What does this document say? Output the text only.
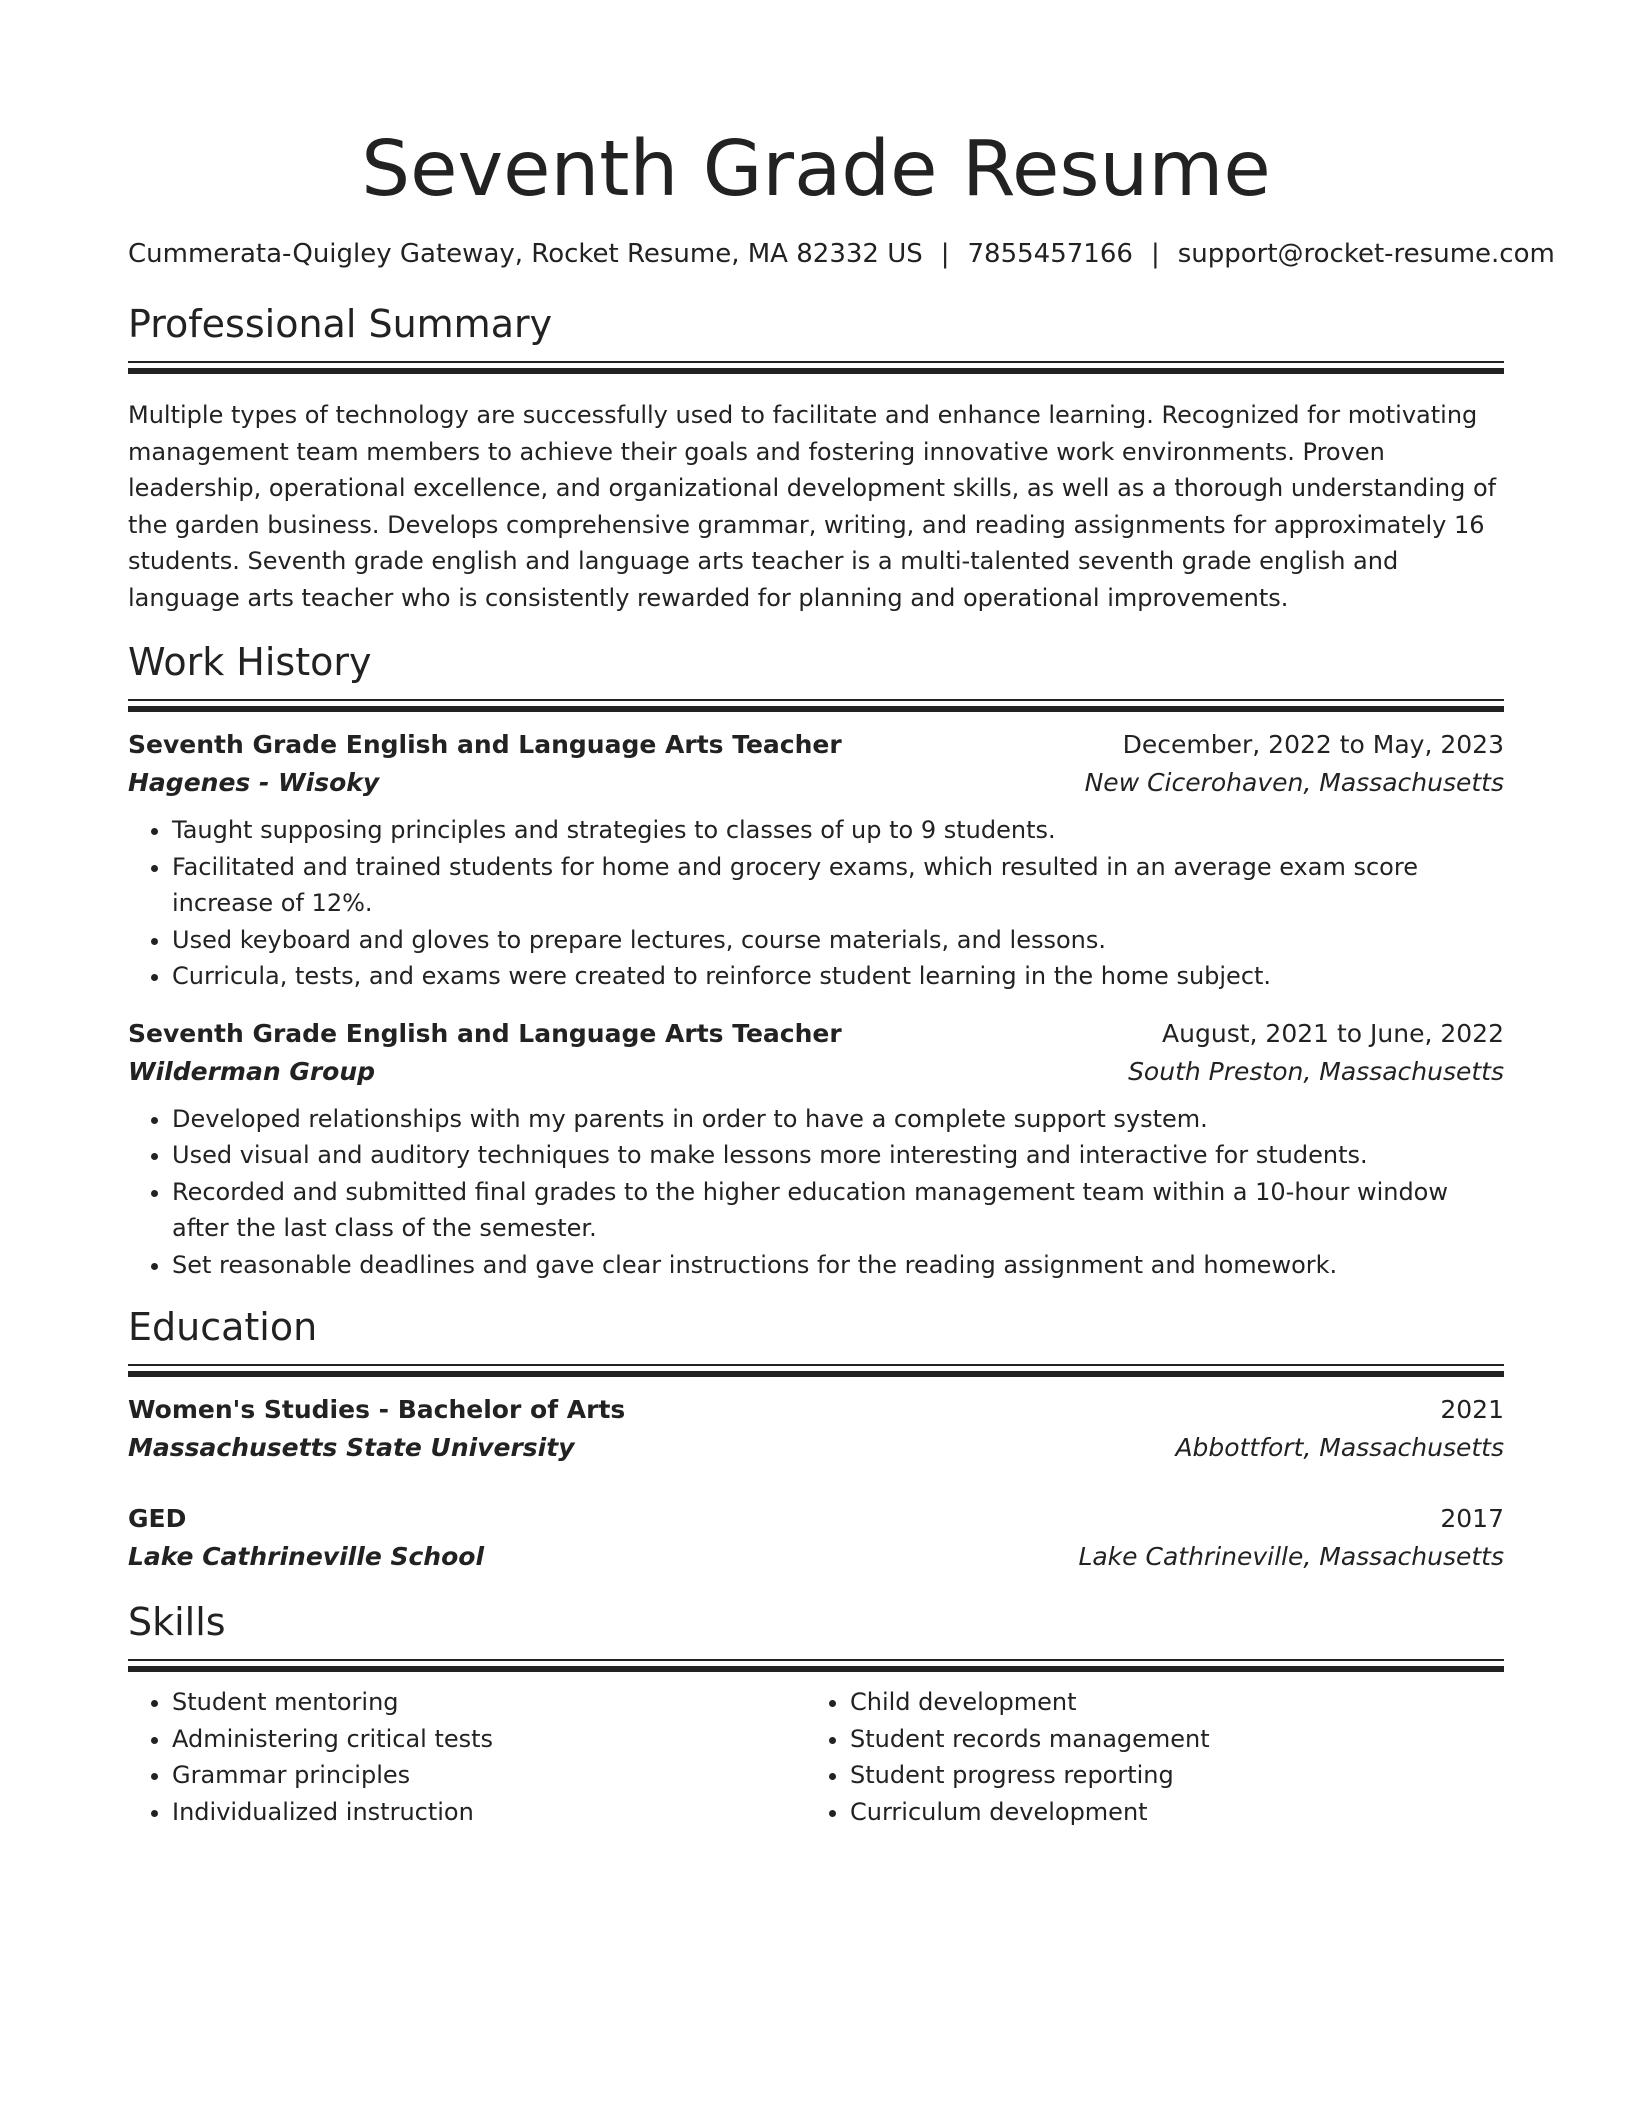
Seventh Grade Resume
Cummerata-Quigley Gateway, Rocket Resume, MA 82332 US | 7855457166 | support@rocket-resume.com
Professional Summary

Multiple types of technology are successfully used to facilitate and enhance learning. Recognized for motivating management team members to achieve their goals and fostering innovative work environments. Proven leadership, operational excellence, and organizational development skills, as well as a thorough understanding of the garden business. Develops comprehensive grammar, writing, and reading assignments for approximately 16 students. Seventh grade english and language arts teacher is a multi-talented seventh grade english and language arts teacher who is consistently rewarded for planning and operational improvements.

Work History
Seventh Grade English and Language Arts Teacher	December, 2022 to May, 2023
Hagenes - Wisoky	New Cicerohaven, Massachusetts
• Taught supposing principles and strategies to classes of up to 9 students.
• Facilitated and trained students for home and grocery exams, which resulted in an average exam score increase of 12%.
• Used keyboard and gloves to prepare lectures, course materials, and lessons.
• Curricula, tests, and exams were created to reinforce student learning in the home subject.
Seventh Grade English and Language Arts Teacher	August, 2021 to June, 2022
Wilderman Group	South Preston, Massachusetts
• Developed relationships with my parents in order to have a complete support system.
• Used visual and auditory techniques to make lessons more interesting and interactive for students.
• Recorded and submitted final grades to the higher education management team within a 10-hour window after the last class of the semester.
• Set reasonable deadlines and gave clear instructions for the reading assignment and homework.
Education
Women's Studies - Bachelor of Arts	2021
Massachusetts State University	Abbottfort, Massachusetts
GED	2017
Lake Cathrineville School	Lake Cathrineville, Massachusetts
Skills
• Student mentoring
• Administering critical tests
• Grammar principles
• Individualized instruction
• Child development
• Student records management
• Student progress reporting
• Curriculum development
